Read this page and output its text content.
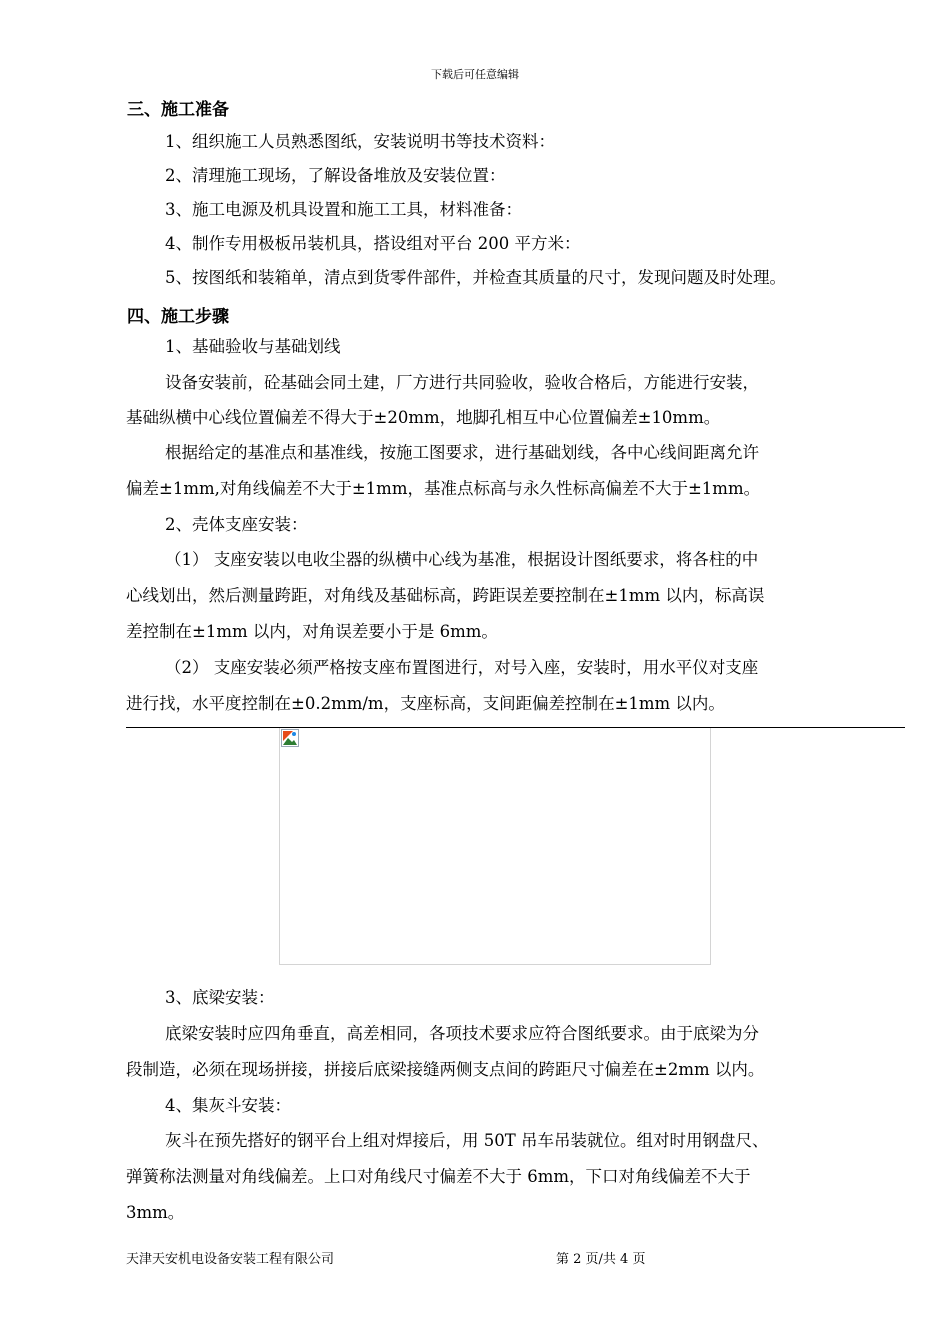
下载后可任意编辑
三、施工准备
1、组织施工人员熟悉图纸，安装说明书等技术资料：
2、清理施工现场，了解设备堆放及安装位置：
3、施工电源及机具设置和施工工具，材料准备：
4、制作专用极板吊装机具，搭设组对平台 200 平方米：
5、按图纸和装箱单，清点到货零件部件，并检查其质量的尺寸，发现问题及时处理。
四、施工步骤
1、基础验收与基础划线
设备安装前，砼基础会同土建，厂方进行共同验收，验收合格后，方能进行安装，
基础纵横中心线位置偏差不得大于±20mm，地脚孔相互中心位置偏差±10mm。
根据给定的基准点和基准线，按施工图要求，进行基础划线，各中心线间距离允许
偏差±1mm,对角线偏差不大于±1mm，基准点标高与永久性标高偏差不大于±1mm。
2、壳体支座安装：
（1） 支座安装以电收尘器的纵横中心线为基准，根据设计图纸要求，将各柱的中
心线划出，然后测量跨距，对角线及基础标高，跨距误差要控制在±1mm 以内，标高误
差控制在±1mm 以内，对角误差要小于是 6mm。
（2） 支座安装必须严格按支座布置图进行，对号入座，安装时，用水平仪对支座
进行找，水平度控制在±0.2mm/m，支座标高，支间距偏差控制在±1mm 以内。
3、底梁安装：
底梁安装时应四角垂直，高差相同，各项技术要求应符合图纸要求。由于底梁为分
段制造，必须在现场拼接，拼接后底梁接缝两侧支点间的跨距尺寸偏差在±2mm 以内。
4、集灰斗安装：
灰斗在预先搭好的钢平台上组对焊接后，用 50T 吊车吊装就位。组对时用钢盘尺、
弹簧称法测量对角线偏差。上口对角线尺寸偏差不大于 6mm，下口对角线偏差不大于
3mm。
天津天安机电设备安装工程有限公司	第 2 页/共 4 页
